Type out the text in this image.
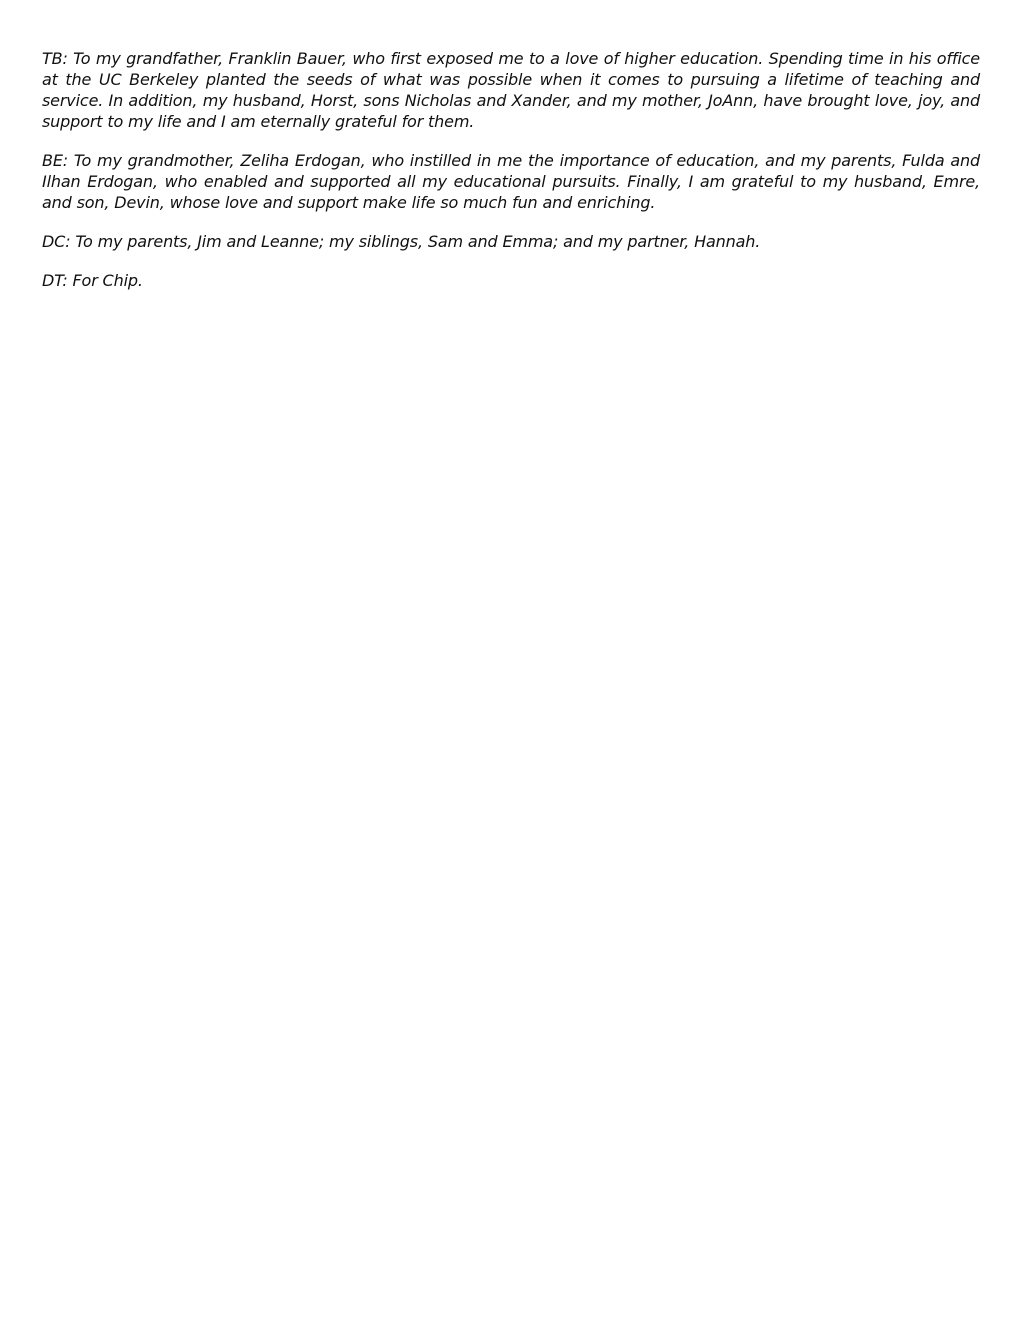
TB: To my grandfather, Franklin Bauer, who first exposed me to a love of higher education. Spending time in his office at the UC Berkeley planted the seeds of what was possible when it comes to pursuing a lifetime of teaching and service. In addition, my husband, Horst, sons Nicholas and Xander, and my mother, JoAnn, have brought love, joy, and support to my life and I am eternally grateful for them.

BE: To my grandmother, Zeliha Erdogan, who instilled in me the importance of education, and my parents, Fulda and Ilhan Erdogan, who enabled and supported all my educational pursuits. Finally, I am grateful to my husband, Emre, and son, Devin, whose love and support make life so much fun and enriching.

DC: To my parents, Jim and Leanne; my siblings, Sam and Emma; and my partner, Hannah.

DT: For Chip.
